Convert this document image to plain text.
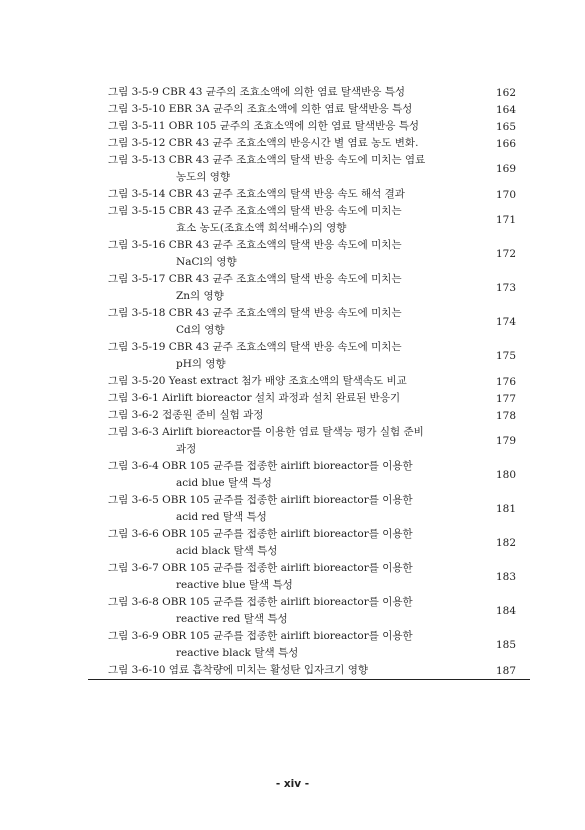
그림 3-5-9 CBR 43 균주의 조효소액에 의한 염료 탈색반응 특성	162

그림 3-5-10 EBR 3A 균주의 조효소액에 의한 염료 탈색반응 특성	164

그림 3-5-11 OBR 105 균주의 조효소액에 의한 염료 탈색반응 특성	165

그림 3-5-12 CBR 43 균주 조효소액의 반응시간 별 염료 농도 변화.	166

그림 3-5-13 CBR 43 균주 조효소액의 탈색 반응 속도에 미치는 염료
농도의 영향	169

그림 3-5-14 CBR 43 균주 조효소액의 탈색 반응 속도 해석 결과	170

그림 3-5-15 CBR 43 균주 조효소액의 탈색 반응 속도에 미치는
효소 농도(조효소액 희석배수)의 영향	171

그림 3-5-16 CBR 43 균주 조효소액의 탈색 반응 속도에 미치는
NaCl의 영향	172

그림 3-5-17 CBR 43 균주 조효소액의 탈색 반응 속도에 미치는
Zn의 영향	173

그림 3-5-18 CBR 43 균주 조효소액의 탈색 반응 속도에 미치는
Cd의 영향	174

그림 3-5-19 CBR 43 균주 조효소액의 탈색 반응 속도에 미치는
pH의 영향	175

그림 3-5-20 Yeast extract 첨가 배양 조효소액의 탈색속도 비교	176

그림 3-6-1 Airlift bioreactor 설치 과정과 설치 완료된 반응기	177

그림 3-6-2 접종원 준비 실험 과정	178

그림 3-6-3 Airlift bioreactor를 이용한 염료 탈색능 평가 실험 준비
과정	179

그림 3-6-4 OBR 105 균주를 접종한 airlift bioreactor를 이용한
acid blue 탈색 특성	180

그림 3-6-5 OBR 105 균주를 접종한 airlift bioreactor를 이용한
acid red 탈색 특성	181

그림 3-6-6 OBR 105 균주를 접종한 airlift bioreactor를 이용한
acid black 탈색 특성	182

그림 3-6-7 OBR 105 균주를 접종한 airlift bioreactor를 이용한
reactive blue 탈색 특성	183

그림 3-6-8 OBR 105 균주를 접종한 airlift bioreactor를 이용한
reactive red 탈색 특성	184

그림 3-6-9 OBR 105 균주를 접종한 airlift bioreactor를 이용한
reactive black 탈색 특성	185

그림 3-6-10 염료 흡착량에 미치는 활성탄 입자크기 영향	187
- xiv -
